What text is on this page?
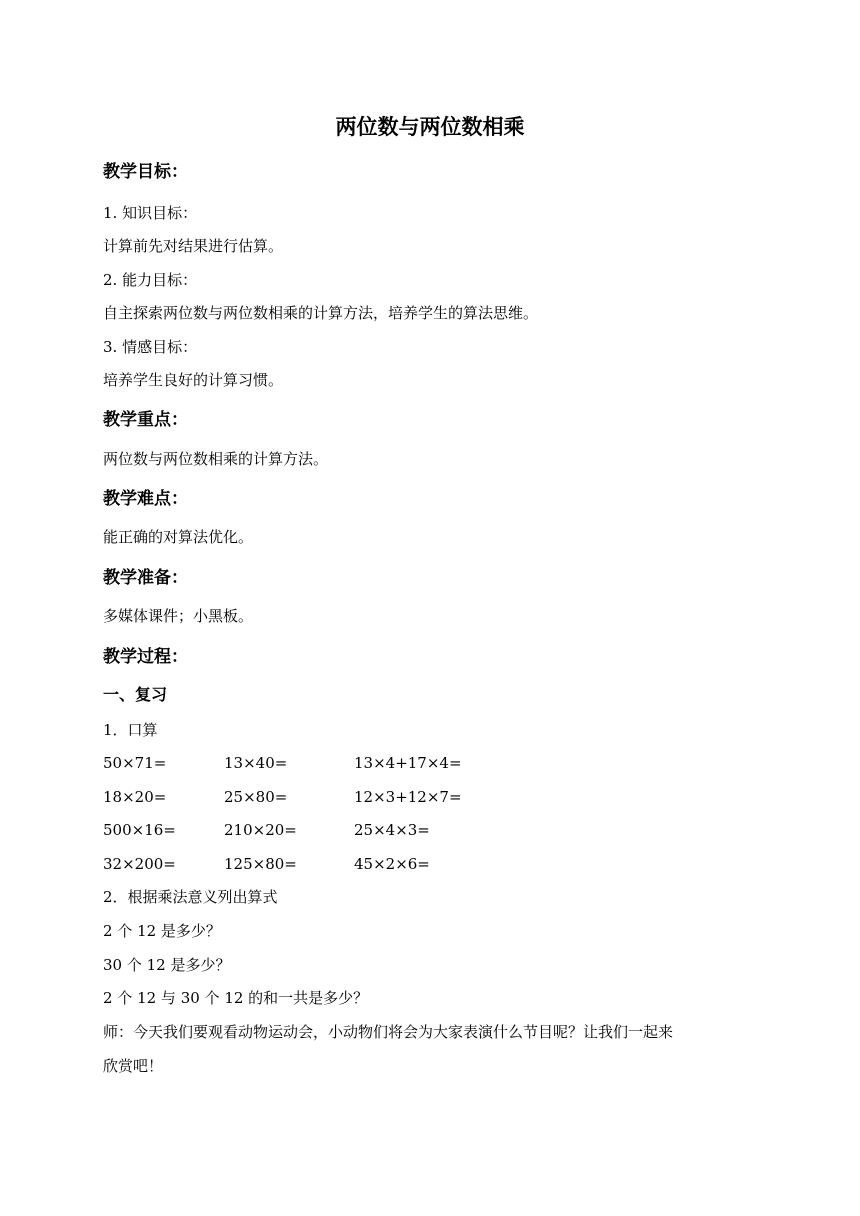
两位数与两位数相乘

教学目标：

1. 知识目标：

计算前先对结果进行估算。

2. 能力目标：

自主探索两位数与两位数相乘的计算方法，培养学生的算法思维。

3. 情感目标：

培养学生良好的计算习惯。

教学重点：

两位数与两位数相乘的计算方法。

教学难点：

能正确的对算法优化。

教学准备：

多媒体课件；小黑板。

教学过程：

一、复习

1．口算

50×71=	13×40=	13×4+17×4=
18×20=	25×80=	12×3+12×7=
500×16=	210×20=	25×4×3=
32×200=	125×80=	45×2×6=

2．根据乘法意义列出算式

2 个 12 是多少？

30 个 12 是多少？

2 个 12 与 30 个 12 的和一共是多少？

师：今天我们要观看动物运动会，小动物们将会为大家表演什么节目呢？让我们一起来

欣赏吧！
